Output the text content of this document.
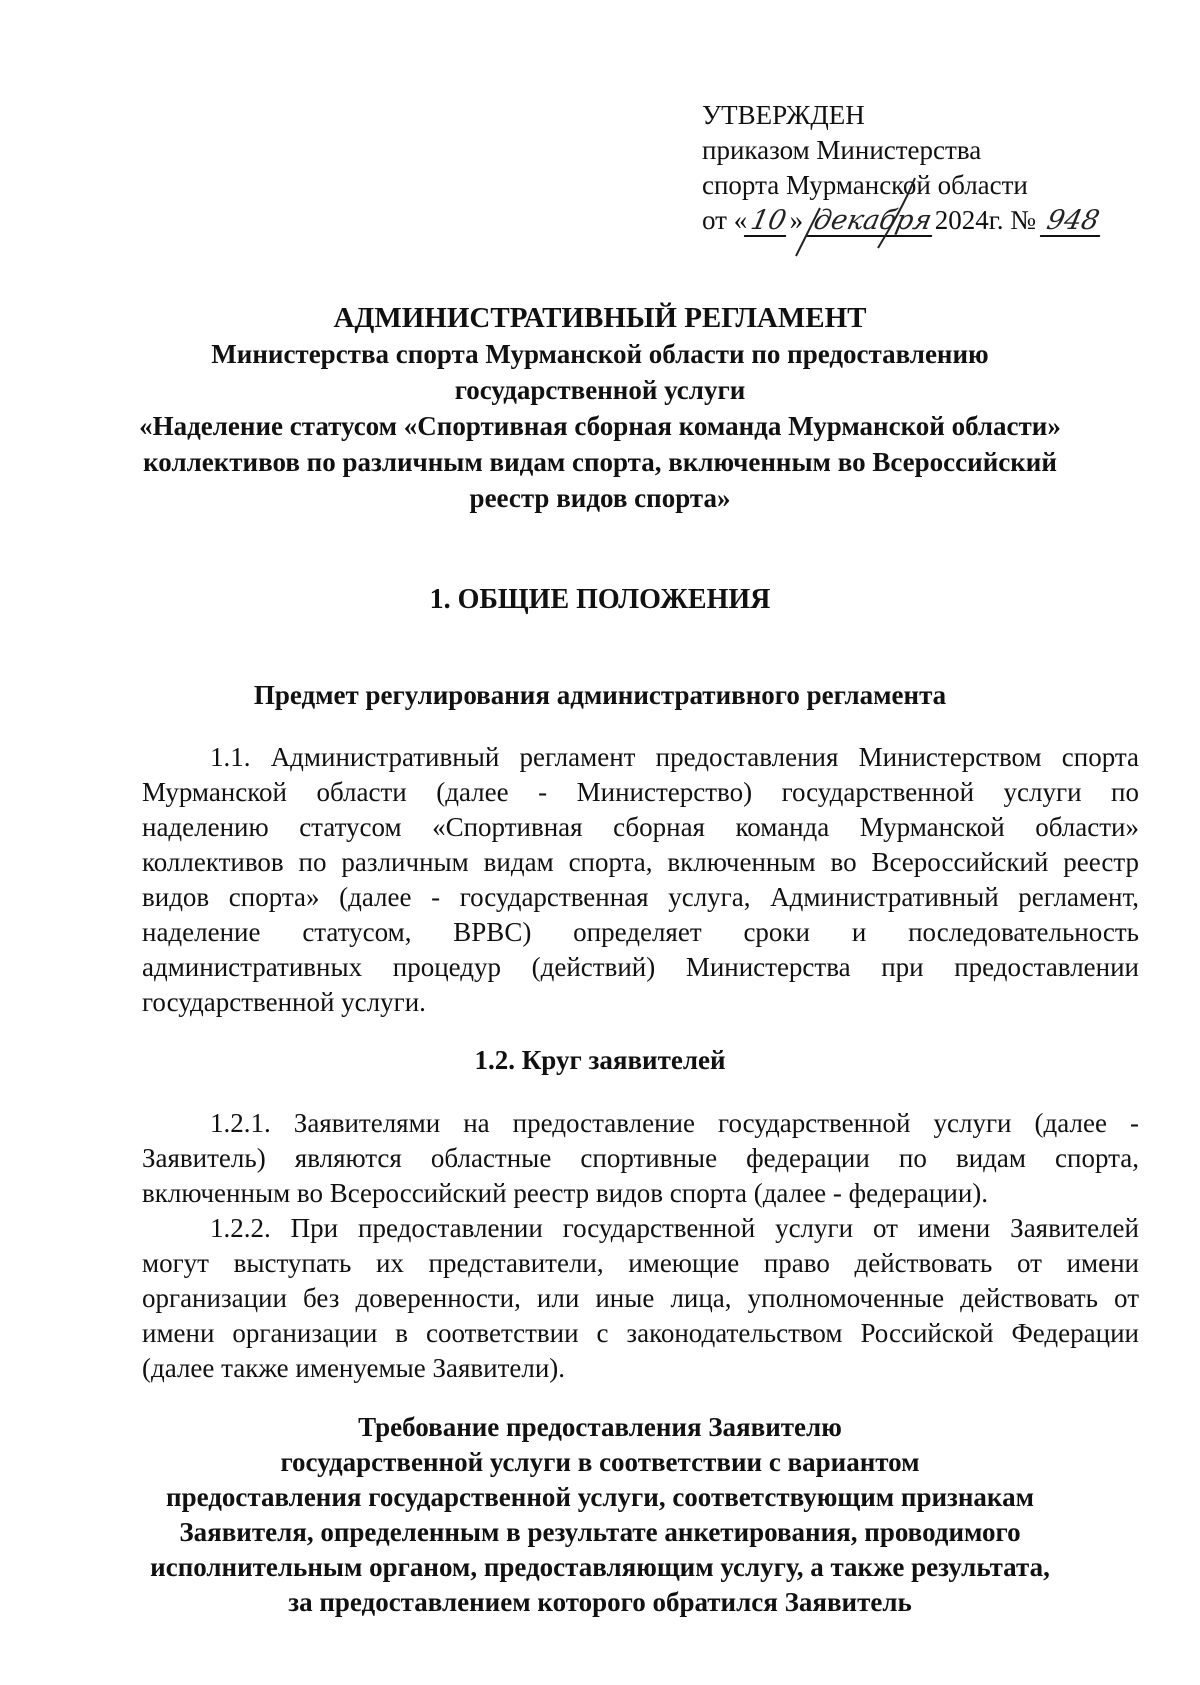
УТВЕРЖДЕН
приказом Министерства
спорта Мурманской области
от «10» декабря2024г. № 948
АДМИНИСТРАТИВНЫЙ РЕГЛАМЕНТ
Министерства спорта Мурманской области по предоставлению
государственной услуги
«Наделение статусом «Спортивная сборная команда Мурманской области»
коллективов по различным видам спорта, включенным во Всероссийский
реестр видов спорта»
1. ОБЩИЕ ПОЛОЖЕНИЯ
Предмет регулирования административного регламента
1.1. Административный регламент предоставления Министерством спорта
Мурманской области (далее - Министерство) государственной услуги по
наделению статусом «Спортивная сборная команда Мурманской области»
коллективов по различным видам спорта, включенным во Всероссийский реестр
видов спорта» (далее - государственная услуга, Административный регламент,
наделение статусом, ВРВС) определяет сроки и последовательность
административных процедур (действий) Министерства при предоставлении
государственной услуги.
1.2. Круг заявителей
1.2.1. Заявителями на предоставление государственной услуги (далее -
Заявитель) являются областные спортивные федерации по видам спорта,
включенным во Всероссийский реестр видов спорта (далее - федерации).
1.2.2. При предоставлении государственной услуги от имени Заявителей
могут выступать их представители, имеющие право действовать от имени
организации без доверенности, или иные лица, уполномоченные действовать от
имени организации в соответствии с законодательством Российской Федерации
(далее также именуемые Заявители).
Требование предоставления Заявителю
государственной услуги в соответствии с вариантом
предоставления государственной услуги, соответствующим признакам
Заявителя, определенным в результате анкетирования, проводимого
исполнительным органом, предоставляющим услугу, а также результата,
за предоставлением которого обратился Заявитель
